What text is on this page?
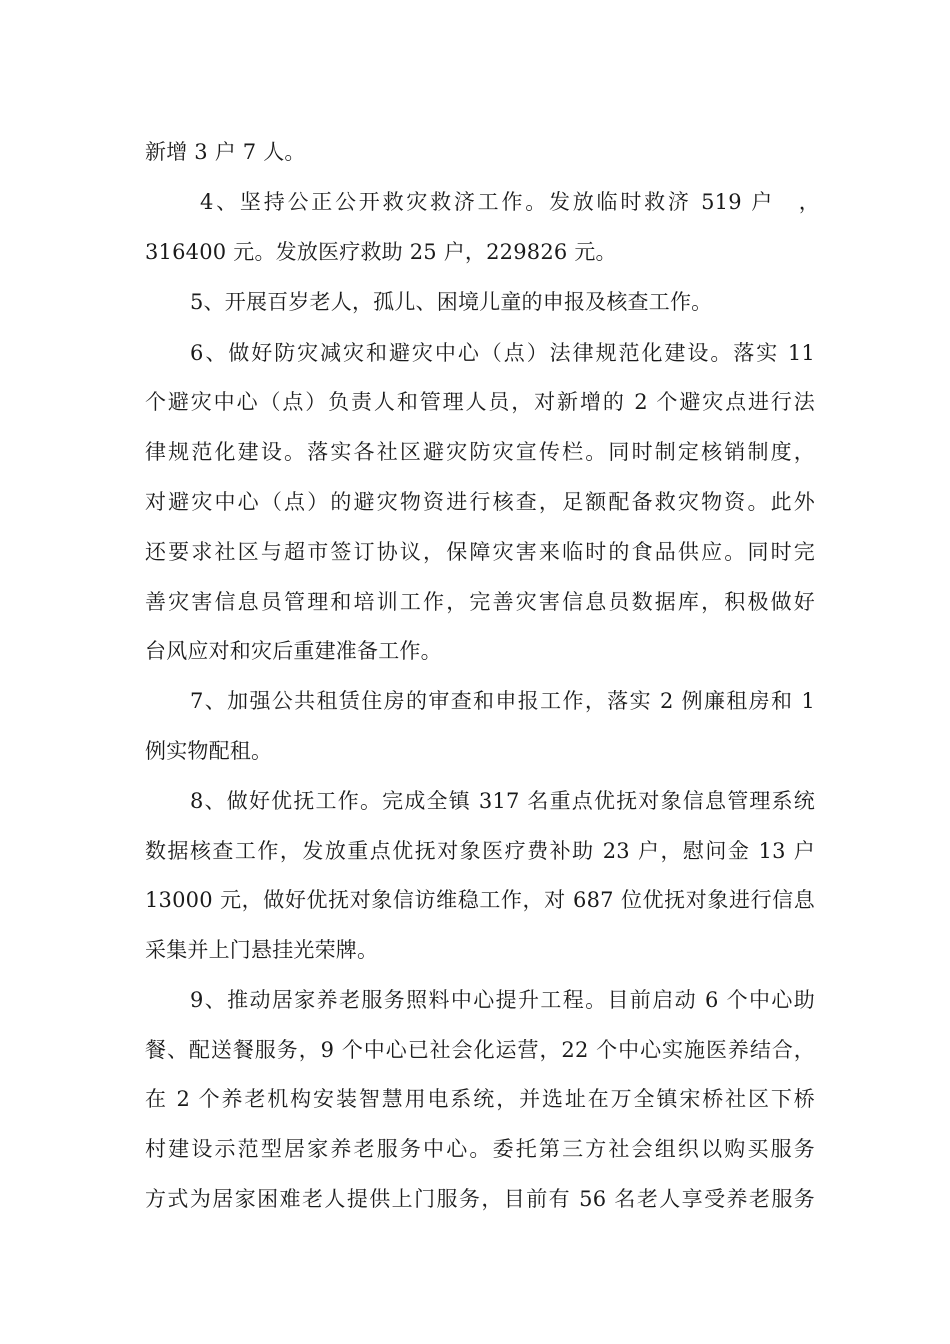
新增 3 户 7 人。
4、坚持公正公开救灾救济工作。发放临时救济 519 户　，
316400 元。发放医疗救助 25 户，229826 元。
5、开展百岁老人，孤儿、困境儿童的申报及核查工作。
6、做好防灾减灾和避灾中心（点）法律规范化建设。落实 11
个避灾中心（点）负责人和管理人员，对新增的 2 个避灾点进行法
律规范化建设。落实各社区避灾防灾宣传栏。同时制定核销制度，
对避灾中心（点）的避灾物资进行核查，足额配备救灾物资。此外
还要求社区与超市签订协议，保障灾害来临时的食品供应。同时完
善灾害信息员管理和培训工作，完善灾害信息员数据库，积极做好
台风应对和灾后重建准备工作。
7、加强公共租赁住房的审查和申报工作，落实 2 例廉租房和 1
例实物配租。
8、做好优抚工作。完成全镇 317 名重点优抚对象信息管理系统
数据核查工作，发放重点优抚对象医疗费补助 23 户，慰问金 13 户
13000 元，做好优抚对象信访维稳工作，对 687 位优抚对象进行信息
采集并上门悬挂光荣牌。
9、推动居家养老服务照料中心提升工程。目前启动 6 个中心助
餐、配送餐服务，9 个中心已社会化运营，22 个中心实施医养结合，
在 2 个养老机构安装智慧用电系统，并选址在万全镇宋桥社区下桥
村建设示范型居家养老服务中心。委托第三方社会组织以购买服务
方式为居家困难老人提供上门服务，目前有 56 名老人享受养老服务
